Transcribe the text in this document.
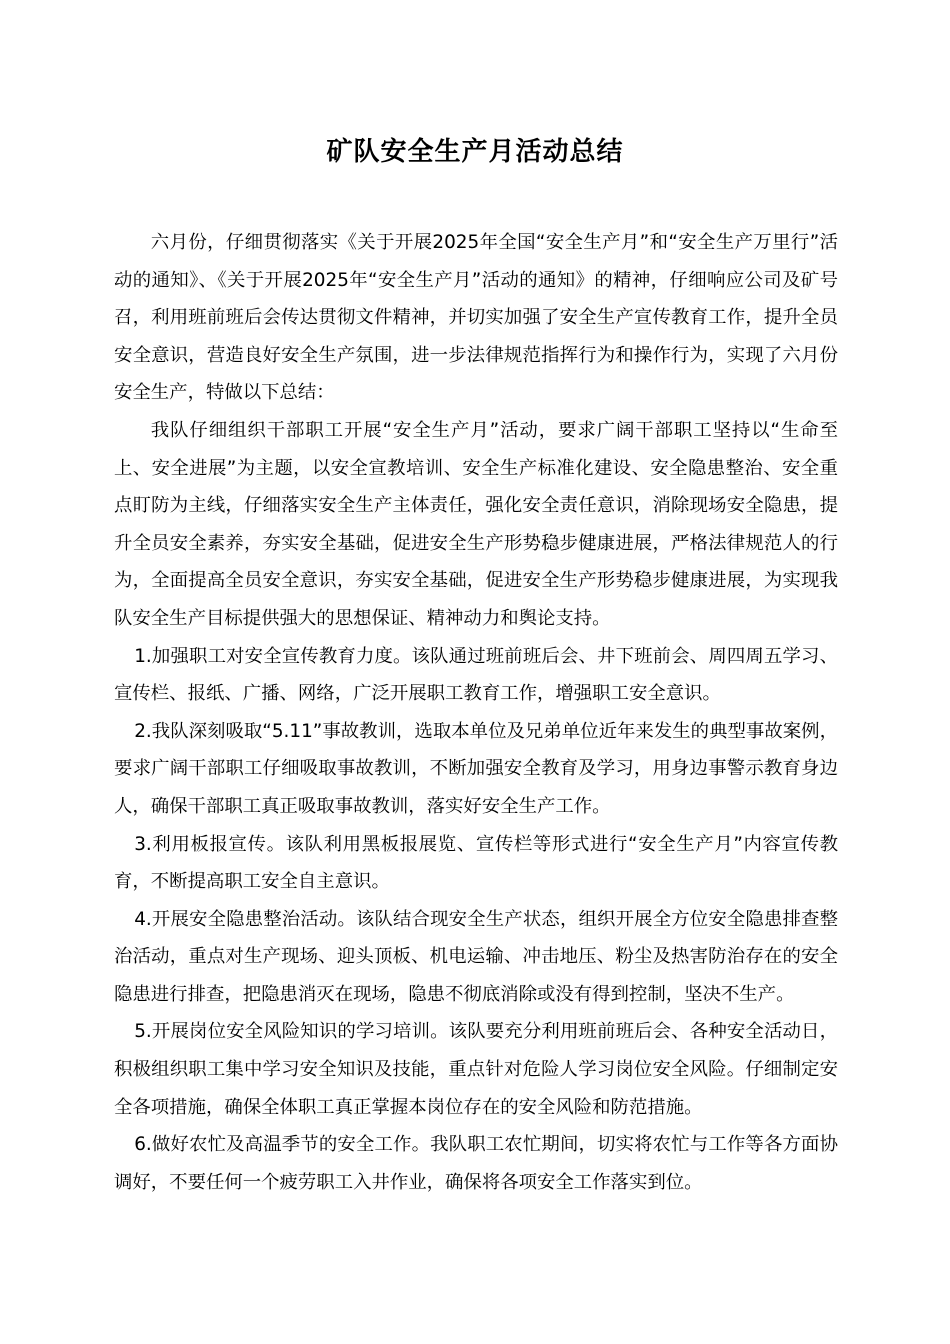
矿队安全生产月活动总结

六月份，仔细贯彻落实《关于开展2025年全国“安全生产月”和“安全生产万里行”活动的通知》、《关于开展2025年“安全生产月”活动的通知》的精神，仔细响应公司及矿号召，利用班前班后会传达贯彻文件精神，并切实加强了安全生产宣传教育工作，提升全员安全意识，营造良好安全生产氛围，进一步法律规范指挥行为和操作行为，实现了六月份安全生产，特做以下总结：

我队仔细组织干部职工开展“安全生产月”活动，要求广阔干部职工坚持以“生命至上、安全进展”为主题，以安全宣教培训、安全生产标准化建设、安全隐患整治、安全重点盯防为主线，仔细落实安全生产主体责任，强化安全责任意识，消除现场安全隐患，提升全员安全素养，夯实安全基础，促进安全生产形势稳步健康进展，严格法律规范人的行为，全面提高全员安全意识，夯实安全基础，促进安全生产形势稳步健康进展，为实现我队安全生产目标提供强大的思想保证、精神动力和舆论支持。

1.加强职工对安全宣传教育力度。该队通过班前班后会、井下班前会、周四周五学习、宣传栏、报纸、广播、网络，广泛开展职工教育工作，增强职工安全意识。

2.我队深刻吸取“5.11”事故教训，选取本单位及兄弟单位近年来发生的典型事故案例，要求广阔干部职工仔细吸取事故教训，不断加强安全教育及学习，用身边事警示教育身边人，确保干部职工真正吸取事故教训，落实好安全生产工作。

3.利用板报宣传。该队利用黑板报展览、宣传栏等形式进行“安全生产月”内容宣传教育，不断提高职工安全自主意识。

4.开展安全隐患整治活动。该队结合现安全生产状态，组织开展全方位安全隐患排查整治活动，重点对生产现场、迎头顶板、机电运输、冲击地压、粉尘及热害防治存在的安全隐患进行排查，把隐患消灭在现场，隐患不彻底消除或没有得到控制，坚决不生产。

5.开展岗位安全风险知识的学习培训。该队要充分利用班前班后会、各种安全活动日，积极组织职工集中学习安全知识及技能，重点针对危险人学习岗位安全风险。仔细制定安全各项措施，确保全体职工真正掌握本岗位存在的安全风险和防范措施。

6.做好农忙及高温季节的安全工作。我队职工农忙期间，切实将农忙与工作等各方面协调好，不要任何一个疲劳职工入井作业，确保将各项安全工作落实到位。
